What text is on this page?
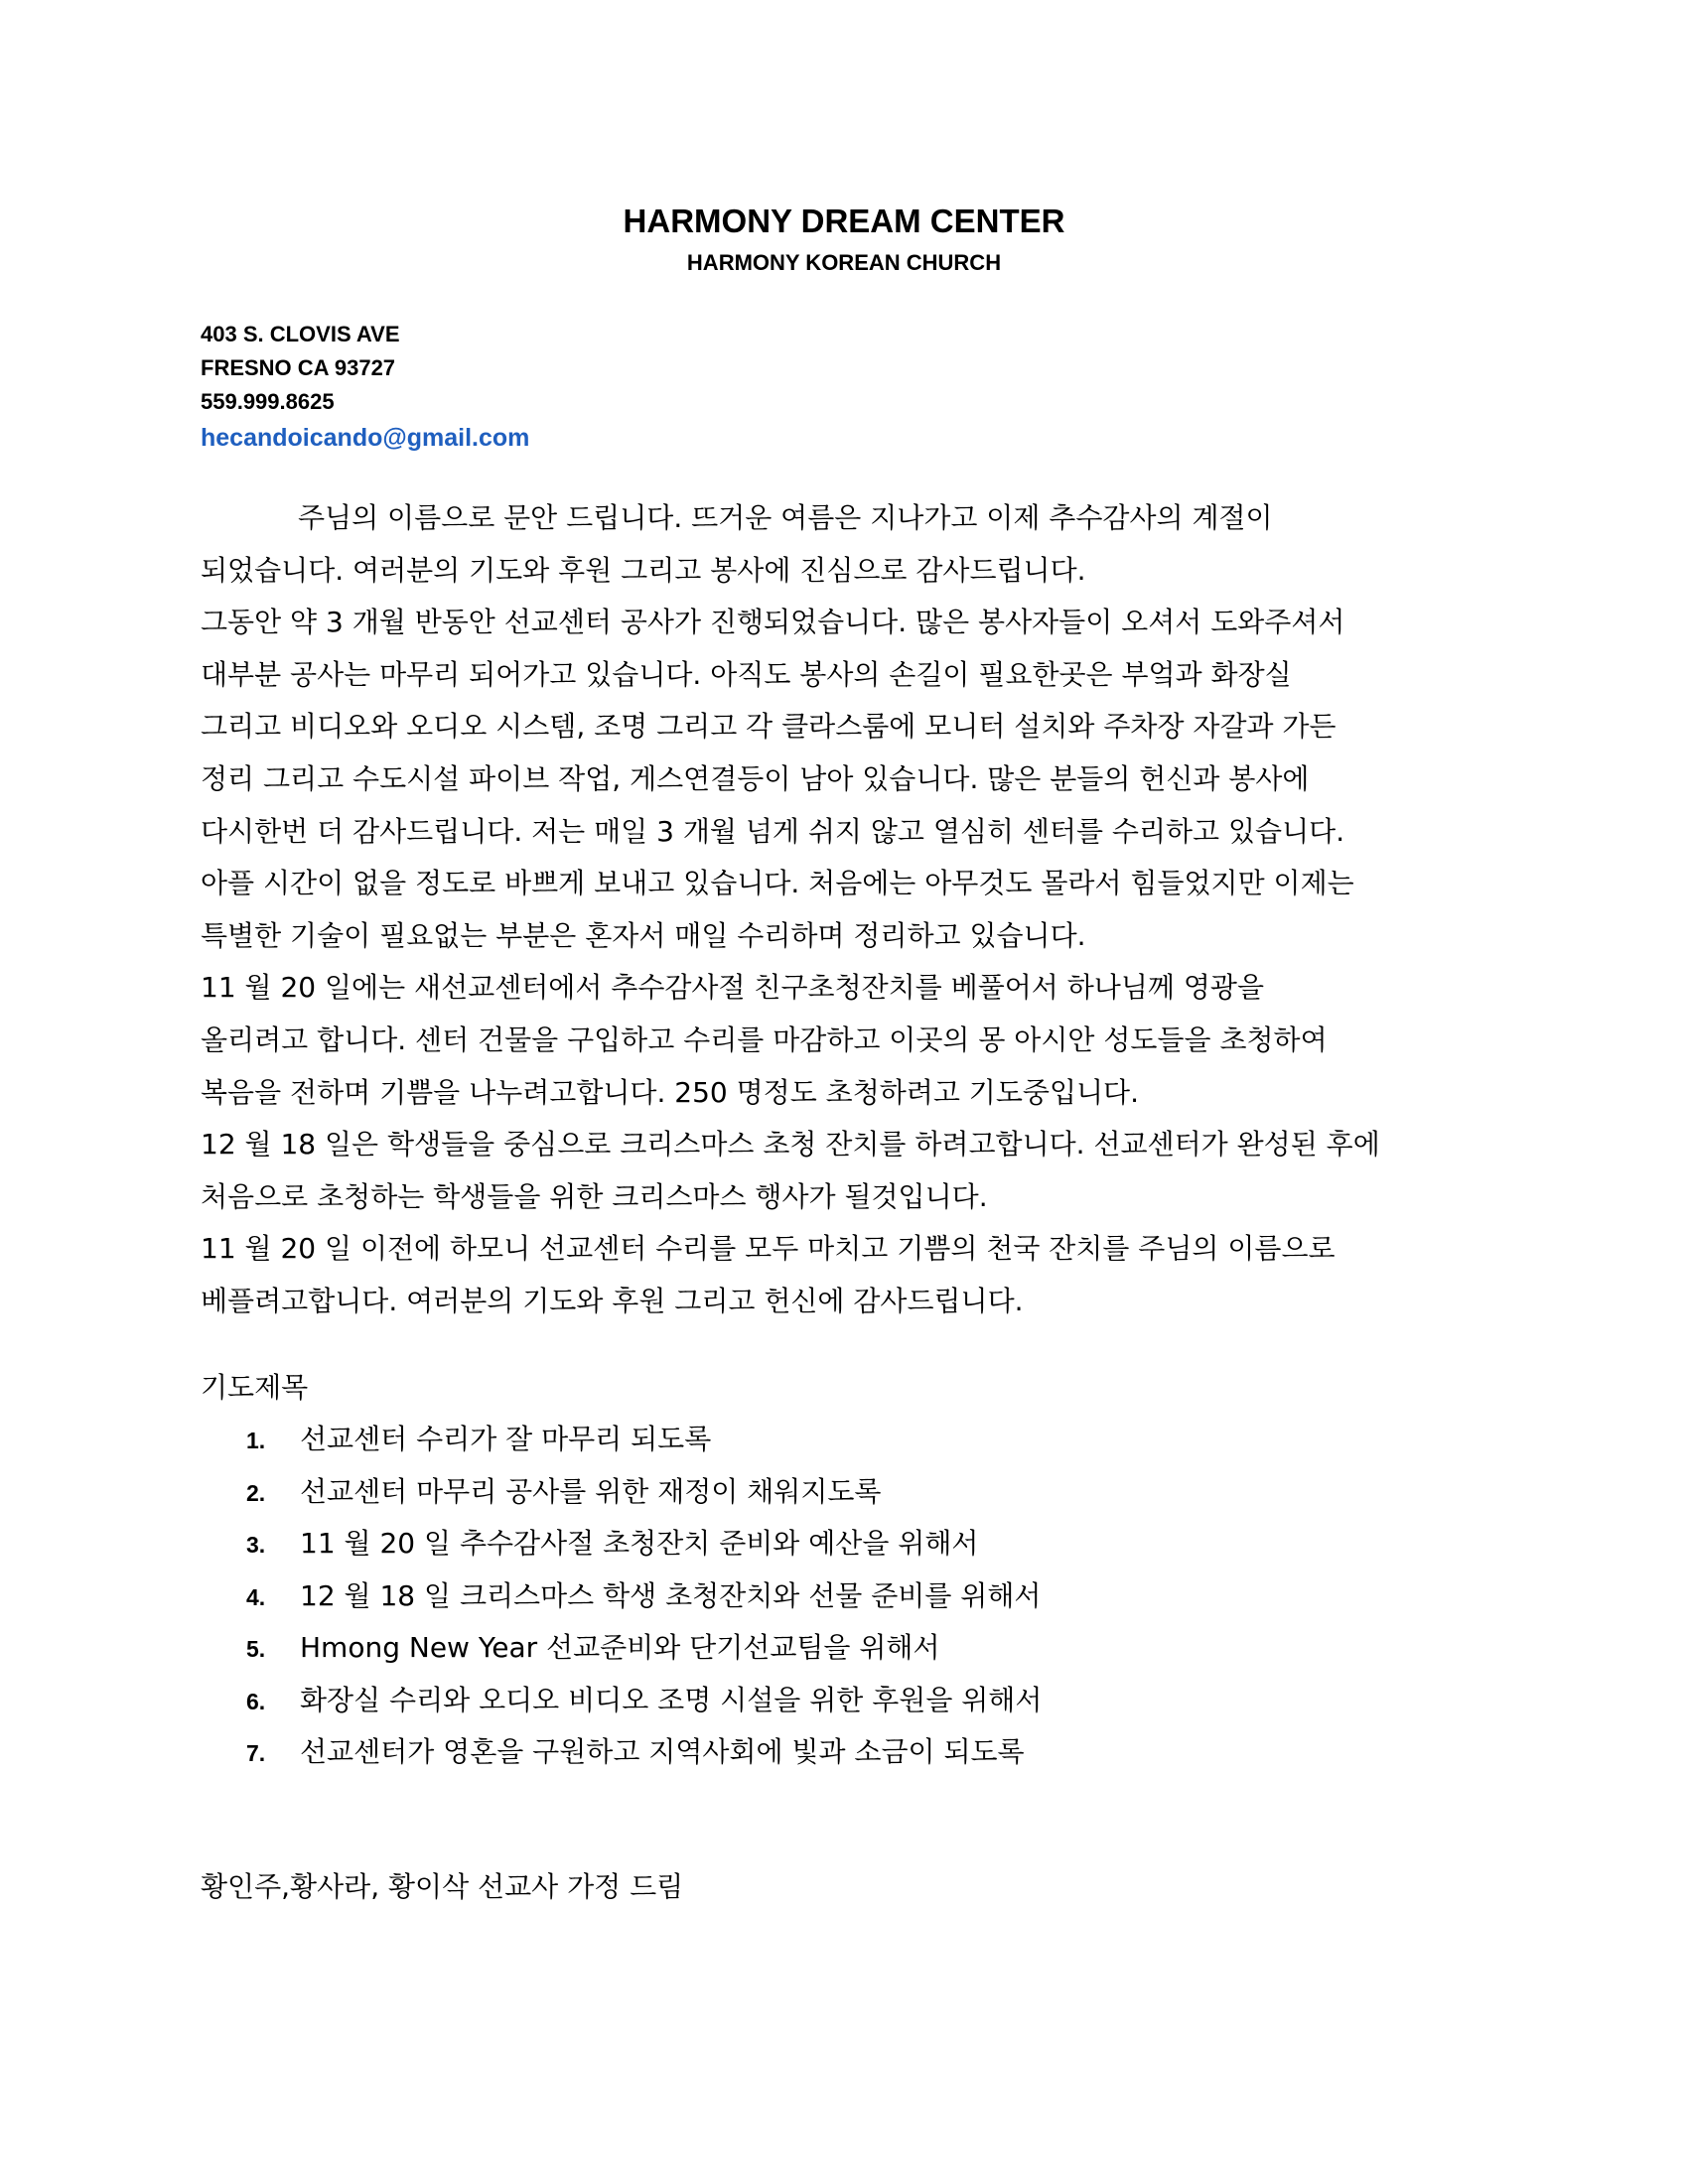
HARMONY DREAM CENTER
HARMONY KOREAN CHURCH
403 S. CLOVIS AVE
FRESNO CA 93727
559.999.8625
hecandoicando@gmail.com
주님의 이름으로 문안 드립니다. 뜨거운 여름은 지나가고 이제 추수감사의 계절이
되었습니다. 여러분의 기도와 후원 그리고 봉사에 진심으로 감사드립니다.
그동안 약 3 개월 반동안 선교센터 공사가 진행되었습니다. 많은 봉사자들이 오셔서 도와주셔서
대부분 공사는 마무리 되어가고 있습니다. 아직도 봉사의 손길이 필요한곳은 부엌과 화장실
그리고 비디오와 오디오 시스템, 조명 그리고 각 클라스룸에 모니터 설치와 주차장 자갈과 가든
정리 그리고 수도시설 파이브 작업, 게스연결등이 남아 있습니다. 많은 분들의 헌신과 봉사에
다시한번 더 감사드립니다. 저는 매일 3 개월 넘게 쉬지 않고 열심히 센터를 수리하고 있습니다.
아플 시간이 없을 정도로 바쁘게 보내고 있습니다. 처음에는 아무것도 몰라서 힘들었지만 이제는
특별한 기술이 필요없는 부분은 혼자서 매일 수리하며 정리하고 있습니다.
11 월 20 일에는 새선교센터에서 추수감사절 친구초청잔치를 베풀어서 하나님께 영광을
올리려고 합니다. 센터 건물을 구입하고 수리를 마감하고 이곳의 몽 아시안 성도들을 초청하여
복음을 전하며 기쁨을 나누려고합니다. 250 명정도 초청하려고 기도중입니다.
12 월 18 일은 학생들을 중심으로 크리스마스 초청 잔치를 하려고합니다. 선교센터가 완성된 후에
처음으로 초청하는 학생들을 위한 크리스마스 행사가 될것입니다.
11 월 20 일 이전에 하모니 선교센터 수리를 모두 마치고 기쁨의 천국 잔치를 주님의 이름으로
베플려고합니다. 여러분의 기도와 후원 그리고 헌신에 감사드립니다.
기도제목
1. 선교센터 수리가 잘 마무리 되도록
2. 선교센터 마무리 공사를 위한 재정이 채워지도록
3. 11 월 20 일 추수감사절 초청잔치 준비와 예산을 위해서
4. 12 월 18 일 크리스마스 학생 초청잔치와 선물 준비를 위해서
5. Hmong New Year 선교준비와 단기선교팀을 위해서
6. 화장실 수리와 오디오 비디오 조명 시설을 위한 후원을 위해서
7. 선교센터가 영혼을 구원하고 지역사회에 빛과 소금이 되도록
황인주,황사라, 황이삭 선교사 가정 드림
